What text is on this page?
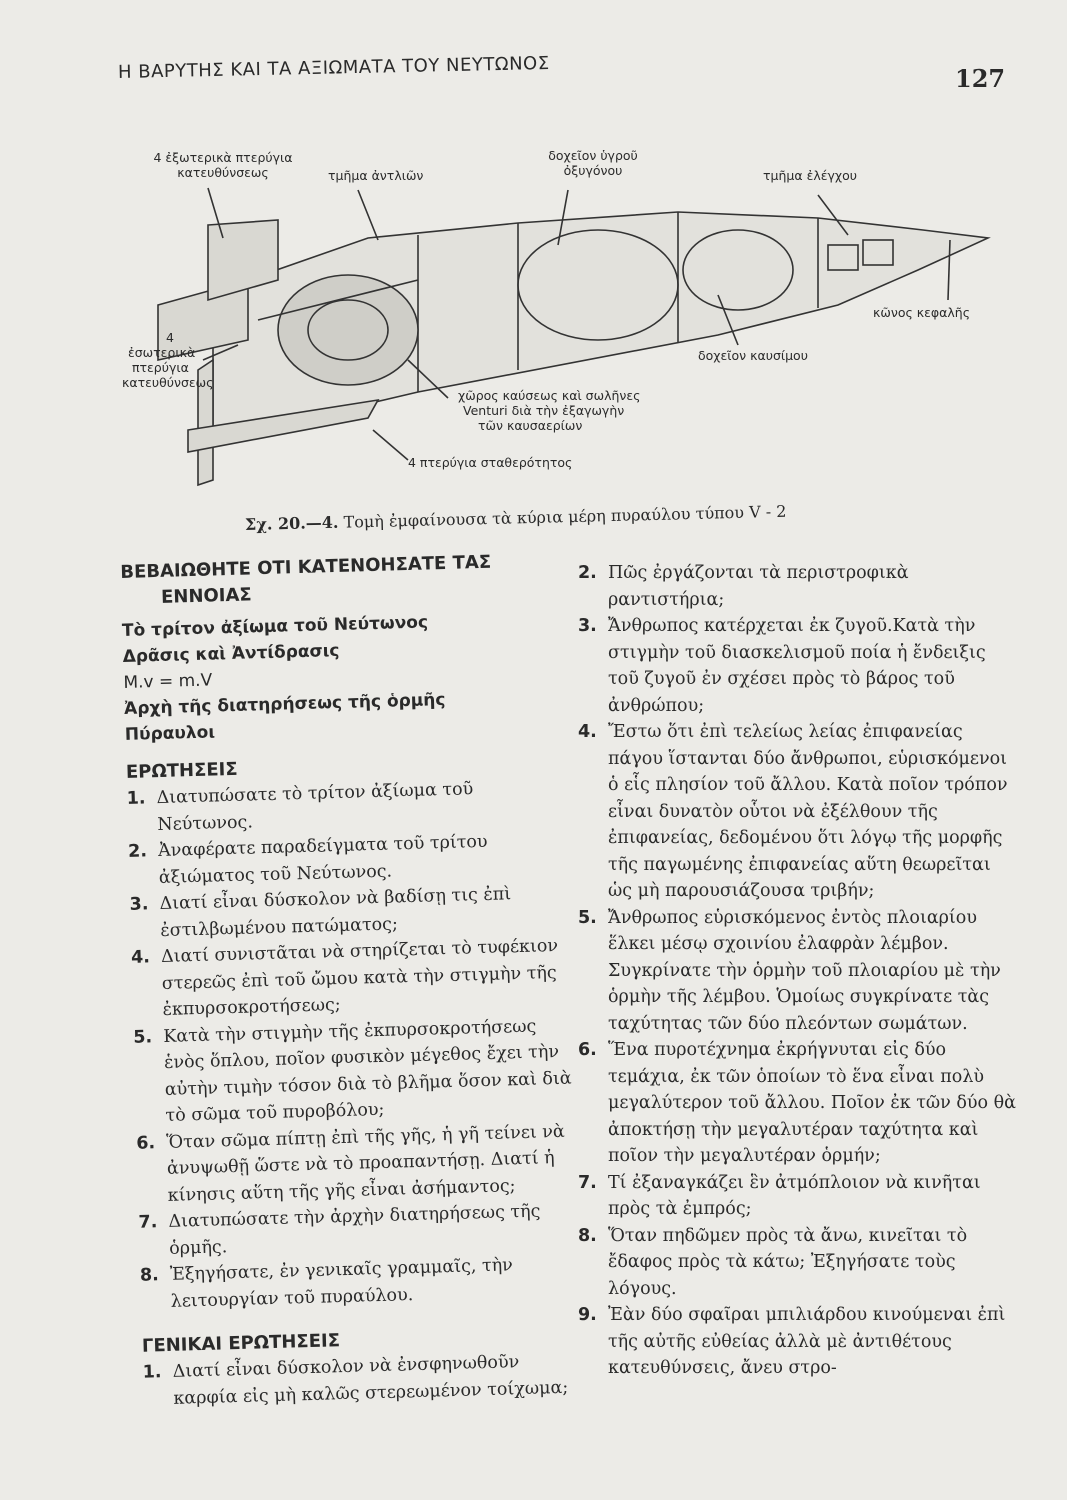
Η ΒΑΡΥΤΗΣ ΚΑΙ ΤΑ ΑΞΙΩΜΑΤΑ ΤΟΥ ΝΕΥΤΩΝΟΣ	127
4 ἐξωτερικὰ πτερύγια κατευθύνσεως	τμῆμα ἀντλιῶν
δοχεῖον ὑγροῦ ὀξυγόνου	τμῆμα ἐλέγχου
κῶνος κεφαλῆς
4
ἐσωτερικὰ
πτερύγια
κατευθύνσεως
δοχεῖον καυσίμου
χῶρος καύσεως καὶ σωλῆνες
Venturi διὰ τὴν ἐξαγωγὴν
τῶν καυσαερίων
4 πτερύγια σταθερότητος
Σχ. 20.—4. Τομὴ ἐμφαίνουσα τὰ κύρια μέρη πυραύλου τύπου V - 2
ΒΕΒΑΙΩΘΗΤΕ ΟΤΙ ΚΑΤΕΝΟΗΣΑΤΕ ΤΑΣ
ΕΝΝΟΙΑΣ
Τὸ τρίτον ἀξίωμα τοῦ Νεύτωνος
Δρᾶσις καὶ Ἀντίδρασις
M.v = m.V
Ἀρχὴ τῆς διατηρήσεως τῆς ὁρμῆς
Πύραυλοι
ΕΡΩΤΗΣΕΙΣ
1. Διατυπώσατε τὸ τρίτον ἀξίωμα τοῦ Νεύτωνος.
2. Ἀναφέρατε παραδείγματα τοῦ τρίτου ἀξιώματος τοῦ Νεύτωνος.
3. Διατί εἶναι δύσκολον νὰ βαδίσῃ τις ἐπὶ ἐστιλβωμένου πατώματος;
4. Διατί συνιστᾶται νὰ στηρίζεται τὸ τυφέκιον στερεῶς ἐπὶ τοῦ ὤμου κατὰ τὴν στιγμὴν τῆς ἐκπυρσοκροτήσεως;
5. Κατὰ τὴν στιγμὴν τῆς ἐκπυρσοκροτήσεως ἑνὸς ὅπλου, ποῖον φυσικὸν μέγεθος ἔχει τὴν αὐτὴν τιμὴν τόσον διὰ τὸ βλῆμα ὅσον καὶ διὰ τὸ σῶμα τοῦ πυροβόλου;
6. Ὅταν σῶμα πίπτῃ ἐπὶ τῆς γῆς, ἡ γῆ τείνει νὰ ἀνυψωθῇ ὥστε νὰ τὸ προαπαντήσῃ. Διατί ἡ κίνησις αὕτη τῆς γῆς εἶναι ἀσήμαντος;
7. Διατυπώσατε τὴν ἀρχὴν διατηρήσεως τῆς ὁρμῆς.
8. Ἐξηγήσατε, ἐν γενικαῖς γραμμαῖς, τὴν λειτουργίαν τοῦ πυραύλου.
ΓΕΝΙΚΑΙ ΕΡΩΤΗΣΕΙΣ
1. Διατί εἶναι δύσκολον νὰ ἐνσφηνωθοῦν καρφία εἰς μὴ καλῶς στερεωμένον τοίχωμα;
2. Πῶς ἐργάζονται τὰ περιστροφικὰ ραντιστήρια;
3. Ἄνθρωπος κατέρχεται ἐκ ζυγοῦ.Κατὰ τὴν στιγμὴν τοῦ διασκελισμοῦ ποία ἡ ἔνδειξις τοῦ ζυγοῦ ἐν σχέσει πρὸς τὸ βάρος τοῦ ἀνθρώπου;
4. Ἔστω ὅτι ἐπὶ τελείως λείας ἐπιφανείας πάγου ἵστανται δύο ἄνθρωποι, εὑρισκόμενοι ὁ εἷς πλησίον τοῦ ἄλλου. Κατὰ ποῖον τρόπον εἶναι δυνατὸν οὗτοι νὰ ἐξέλθουν τῆς ἐπιφανείας, δεδομένου ὅτι λόγῳ τῆς μορφῆς τῆς παγωμένης ἐπιφανείας αὕτη θεωρεῖται ὡς μὴ παρουσιάζουσα τριβήν;
5. Ἄνθρωπος εὑρισκόμενος ἐντὸς πλοιαρίου ἕλκει μέσῳ σχοινίου ἐλαφρὰν λέμβον. Συγκρίνατε τὴν ὁρμὴν τοῦ πλοιαρίου μὲ τὴν ὁρμὴν τῆς λέμβου. Ὁμοίως συγκρίνατε τὰς ταχύτητας τῶν δύο πλεόντων σωμάτων.
6. Ἕνα πυροτέχνημα ἐκρήγνυται εἰς δύο τεμάχια, ἐκ τῶν ὁποίων τὸ ἕνα εἶναι πολὺ μεγαλύτερον τοῦ ἄλλου. Ποῖον ἐκ τῶν δύο θὰ ἀποκτήσῃ τὴν μεγαλυτέραν ταχύτητα καὶ ποῖον τὴν μεγαλυτέραν ὁρμήν;
7. Τί ἐξαναγκάζει ἓν ἀτμόπλοιον νὰ κινῆται πρὸς τὰ ἐμπρός;
8. Ὅταν πηδῶμεν πρὸς τὰ ἄνω, κινεῖται τὸ ἔδαφος πρὸς τὰ κάτω; Ἐξηγήσατε τοὺς λόγους.
9. Ἐὰν δύο σφαῖραι μπιλιάρδου κινούμεναι ἐπὶ τῆς αὐτῆς εὐθείας ἀλλὰ μὲ ἀντιθέτους κατευθύνσεις, ἄνευ στρο-
